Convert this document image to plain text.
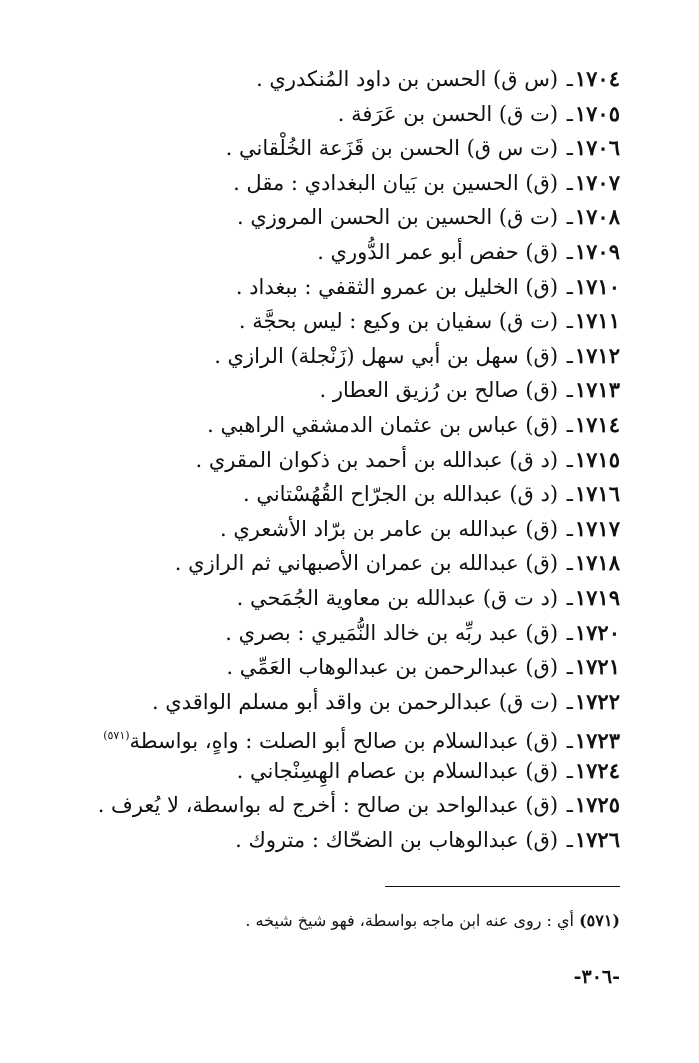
١٧٠٤ـ (س ق) الحسن بن داود المُنكدري .
١٧٠٥ـ (ت ق) الحسن بن عَرَفة .
١٧٠٦ـ (ت س ق) الحسن بن قَزَعة الخُلْقاني .
١٧٠٧ـ (ق) الحسين بن بَيان البغدادي : مقل .
١٧٠٨ـ (ت ق) الحسين بن الحسن المروزي .
١٧٠٩ـ (ق) حفص أبو عمر الدُّوري .
١٧١٠ـ (ق) الخليل بن عمرو الثقفي : ببغداد .
١٧١١ـ (ت ق) سفيان بن وكيع : ليس بحجَّة .
١٧١٢ـ (ق) سهل بن أبي سهل (زَنْجلة) الرازي .
١٧١٣ـ (ق) صالح بن رُزيق العطار .
١٧١٤ـ (ق) عباس بن عثمان الدمشقي الراهبي .
١٧١٥ـ (د ق) عبدالله بن أحمد بن ذكوان المقري .
١٧١٦ـ (د ق) عبدالله بن الجرّاح القُهُسْتاني .
١٧١٧ـ (ق) عبدالله بن عامر بن برّاد الأشعري .
١٧١٨ـ (ق) عبدالله بن عمران الأصبهاني ثم الرازي .
١٧١٩ـ (د ت ق) عبدالله بن معاوية الجُمَحي .
١٧٢٠ـ (ق) عبد ربِّه بن خالد النُّمَيري : بصري .
١٧٢١ـ (ق) عبدالرحمن بن عبدالوهاب العَمِّي .
١٧٢٢ـ (ت ق) عبدالرحمن بن واقد أبو مسلم الواقدي .
١٧٢٣ـ (ق) عبدالسلام بن صالح أبو الصلت : واهٍ، بواسطة$^{(٥٧١)}$
١٧٢٤ـ (ق) عبدالسلام بن عصام الهِسِنْجاني .
١٧٢٥ـ (ق) عبدالواحد بن صالح : أخرج له بواسطة، لا يُعرف .
١٧٢٦ـ (ق) عبدالوهاب بن الضحّاك : متروك .
(٥٧١) أي : روى عنه ابن ماجه بواسطة، فهو شيخ شيخه .
-٣٠٦-
